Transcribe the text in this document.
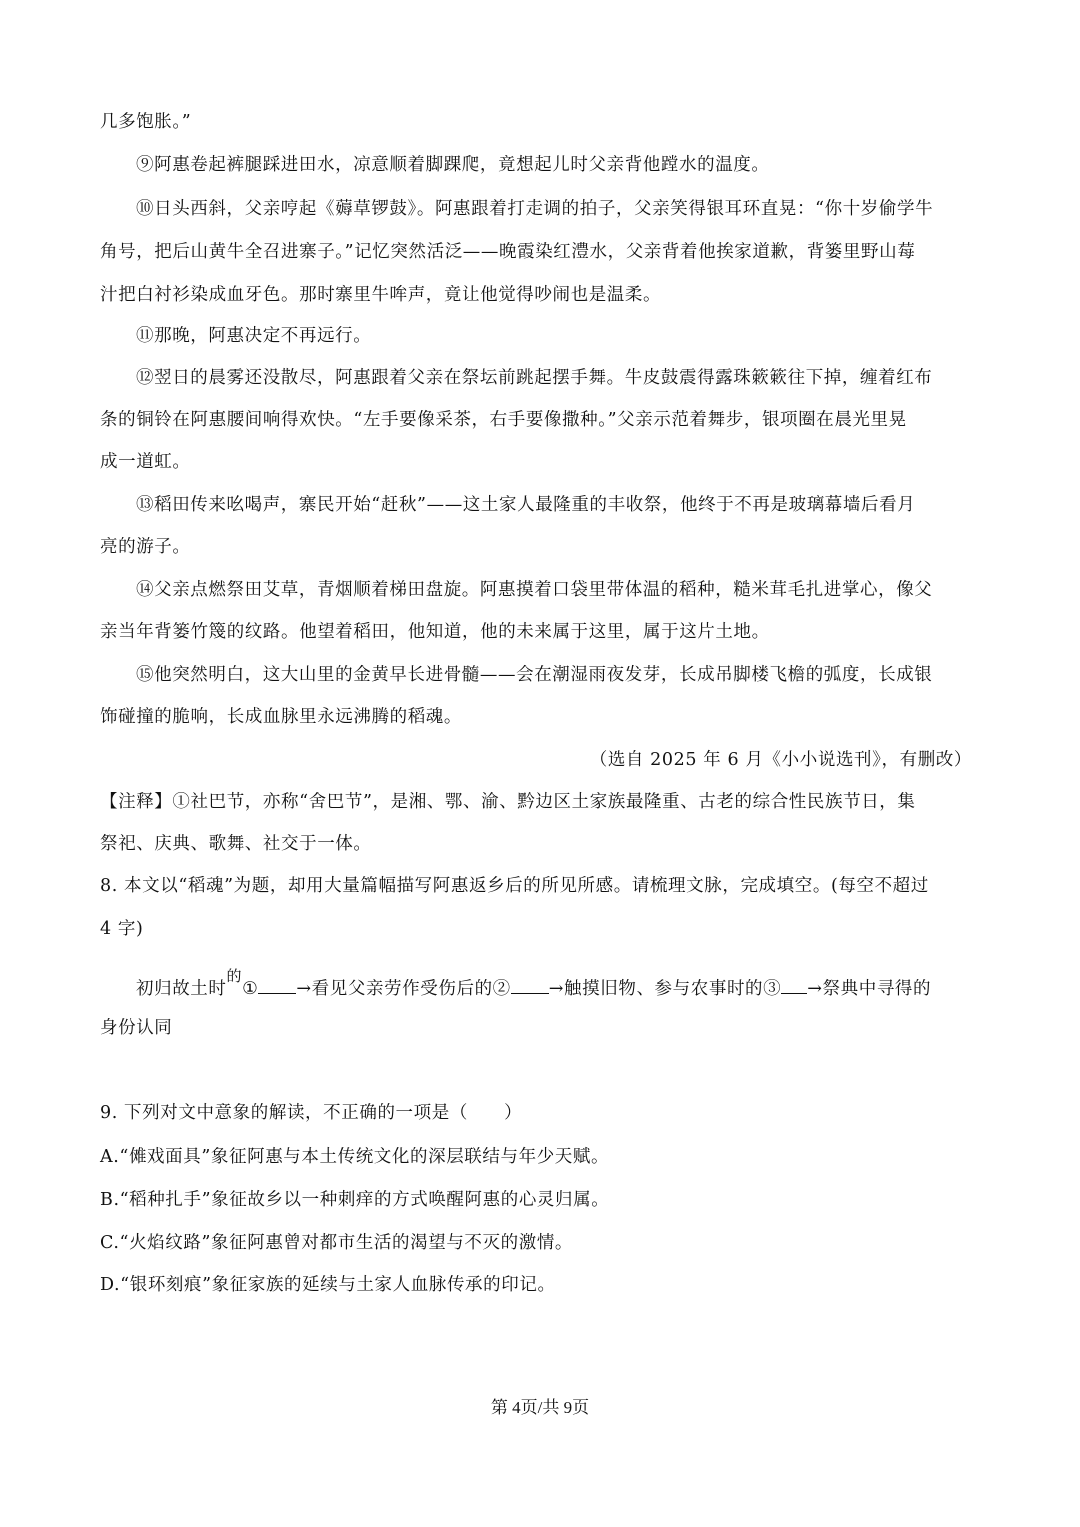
几多饱胀。”

⑨阿惠卷起裤腿踩进田水，凉意顺着脚踝爬，竟想起儿时父亲背他蹚水的温度。

⑩日头西斜，父亲哼起《薅草锣鼓》。阿惠跟着打走调的拍子，父亲笑得银耳环直晃：“你十岁偷学牛

角号，把后山黄牛全召进寨子。”记忆突然活泛——晚霞染红澧水，父亲背着他挨家道歉，背篓里野山莓

汁把白衬衫染成血牙色。那时寨里牛哞声，竟让他觉得吵闹也是温柔。

⑪那晚，阿惠决定不再远行。

⑫翌日的晨雾还没散尽，阿惠跟着父亲在祭坛前跳起摆手舞。牛皮鼓震得露珠簌簌往下掉，缠着红布

条的铜铃在阿惠腰间响得欢快。“左手要像采茶，右手要像撒种。”父亲示范着舞步，银项圈在晨光里晃

成一道虹。

⑬稻田传来吆喝声，寨民开始“赶秋”——这土家人最隆重的丰收祭，他终于不再是玻璃幕墙后看月

亮的游子。

⑭父亲点燃祭田艾草，青烟顺着梯田盘旋。阿惠摸着口袋里带体温的稻种，糙米茸毛扎进掌心，像父

亲当年背篓竹篾的纹路。他望着稻田，他知道，他的未来属于这里，属于这片土地。

⑮他突然明白，这大山里的金黄早长进骨髓——会在潮湿雨夜发芽，长成吊脚楼飞檐的弧度，长成银

饰碰撞的脆响，长成血脉里永远沸腾的稻魂。

（选自 2025 年 6 月《小小说选刊》，有删改）

【注释】①社巴节，亦称“舍巴节”，是湘、鄂、渝、黔边区土家族最隆重、古老的综合性民族节日，集

祭祀、庆典、歌舞、社交于一体。

8. 本文以“稻魂”为题，却用大量篇幅描写阿惠返乡后的所见所感。请梳理文脉，完成填空。(每空不超过

4 字)

初归故土时$^的$① →看见父亲劳作受伤后的② →触摸旧物、参与农事时的③ →祭典中寻得的

身份认同

9. 下列对文中意象的解读，不正确的一项是（　　）

A.“傩戏面具”象征阿惠与本土传统文化的深层联结与年少天赋。

B.“稻种扎手”象征故乡以一种刺痒的方式唤醒阿惠的心灵归属。

C.“火焰纹路”象征阿惠曾对都市生活的渴望与不灭的激情。

D.“银环刻痕”象征家族的延续与土家人血脉传承的印记。

第 4页/共 9页
